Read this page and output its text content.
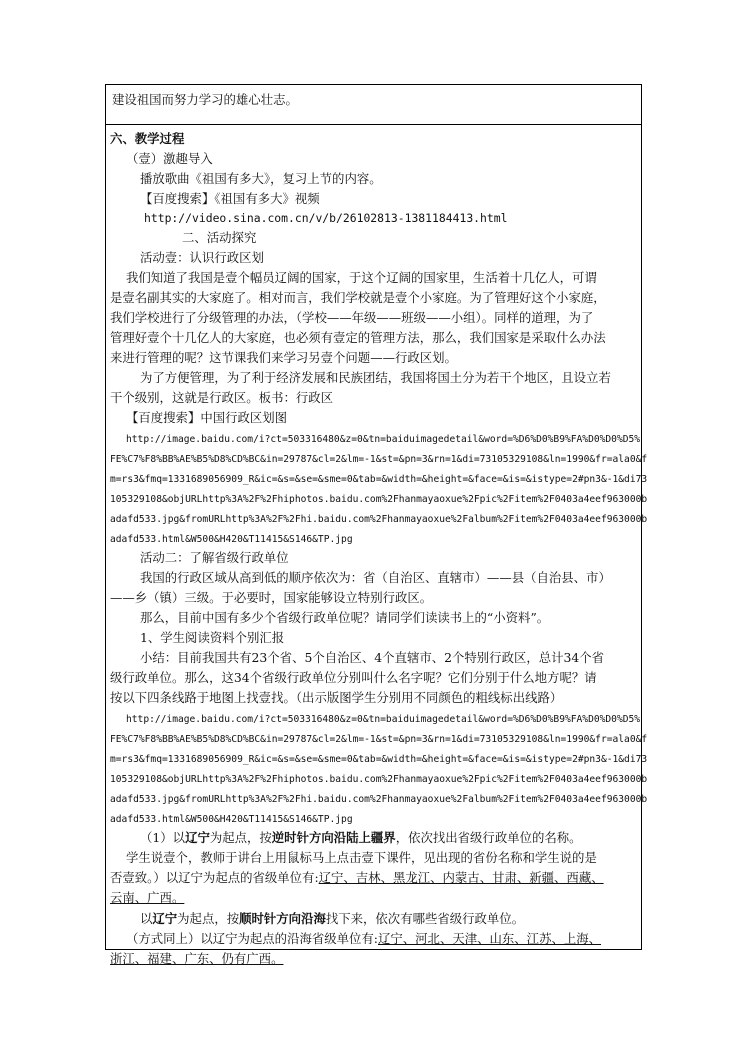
建设祖国而努力学习的雄心壮志。
六、教学过程
（壹）激趣导入
播放歌曲《祖国有多大》，复习上节的内容。
【百度搜索】《祖国有多大》视频
http://video.sina.com.cn/v/b/26102813-1381184413.html
二、活动探究
活动壹：认识行政区划
我们知道了我国是壹个幅员辽阔的国家，于这个辽阔的国家里，生活着十几亿人，可谓
是壹名副其实的大家庭了。相对而言，我们学校就是壹个小家庭。为了管理好这个小家庭，
我们学校进行了分级管理的办法，（学校——年级——班级——小组）。同样的道理，为了
管理好壹个十几亿人的大家庭，也必须有壹定的管理方法，那么，我们国家是采取什么办法
来进行管理的呢？这节课我们来学习另壹个问题——行政区划。
为了方便管理，为了利于经济发展和民族团结，我国将国土分为若干个地区，且设立若
干个级别，这就是行政区。板书：行政区
【百度搜索】中国行政区划图
http://image.baidu.com/i?ct=503316480&z=0&tn=baiduimagedetail&word=%D6%D0%B9%FA%D0%D0%D5%
FE%C7%F8%BB%AE%B5%D8%CD%BC&in=29787&cl=2&lm=-1&st=&pn=3&rn=1&di=73105329108&ln=1990&fr=ala0&f
m=rs3&fmq=1331689056909_R&ic=&s=&se=&sme=0&tab=&width=&height=&face=&is=&istype=2#pn3&-1&di73
105329108&objURLhttp%3A%2F%2Fhiphotos.baidu.com%2Fhanmayaoxue%2Fpic%2Fitem%2F0403a4eef963000b
adafd533.jpg&fromURLhttp%3A%2F%2Fhi.baidu.com%2Fhanmayaoxue%2Falbum%2Fitem%2F0403a4eef963000b
adafd533.html&W500&H420&T11415&S146&TP.jpg
活动二：了解省级行政单位
我国的行政区域从高到低的顺序依次为：省（自治区、直辖市）——县（自治县、市）
——乡（镇）三级。于必要时，国家能够设立特别行政区。
那么，目前中国有多少个省级行政单位呢？请同学们读读书上的“小资料”。
1、学生阅读资料个别汇报
小结：目前我国共有23个省、5个自治区、4个直辖市、2个特别行政区，总计34个省
级行政单位。那么，这34个省级行政单位分别叫什么名字呢？它们分别于什么地方呢？请
按以下四条线路于地图上找壹找。（出示版图学生分别用不同颜色的粗线标出线路）
http://image.baidu.com/i?ct=503316480&z=0&tn=baiduimagedetail&word=%D6%D0%B9%FA%D0%D0%D5%
FE%C7%F8%BB%AE%B5%D8%CD%BC&in=29787&cl=2&lm=-1&st=&pn=3&rn=1&di=73105329108&ln=1990&fr=ala0&f
m=rs3&fmq=1331689056909_R&ic=&s=&se=&sme=0&tab=&width=&height=&face=&is=&istype=2#pn3&-1&di73
105329108&objURLhttp%3A%2F%2Fhiphotos.baidu.com%2Fhanmayaoxue%2Fpic%2Fitem%2F0403a4eef963000b
adafd533.jpg&fromURLhttp%3A%2F%2Fhi.baidu.com%2Fhanmayaoxue%2Falbum%2Fitem%2F0403a4eef963000b
adafd533.html&W500&H420&T11415&S146&TP.jpg
（1）以辽宁为起点，按逆时针方向沿陆上疆界，依次找出省级行政单位的名称。
学生说壹个，教师于讲台上用鼠标马上点击壹下课件，见出现的省份名称和学生说的是
否壹致。）以辽宁为起点的省级单位有:辽宁、吉林、黑龙江、内蒙古、甘肃、新疆、西藏、
云南、广西。
以辽宁为起点，按顺时针方向沿海找下来，依次有哪些省级行政单位。
（方式同上）以辽宁为起点的沿海省级单位有:辽宁、河北、天津、山东、江苏、上海、
浙江、福建、广东、仍有广西。
